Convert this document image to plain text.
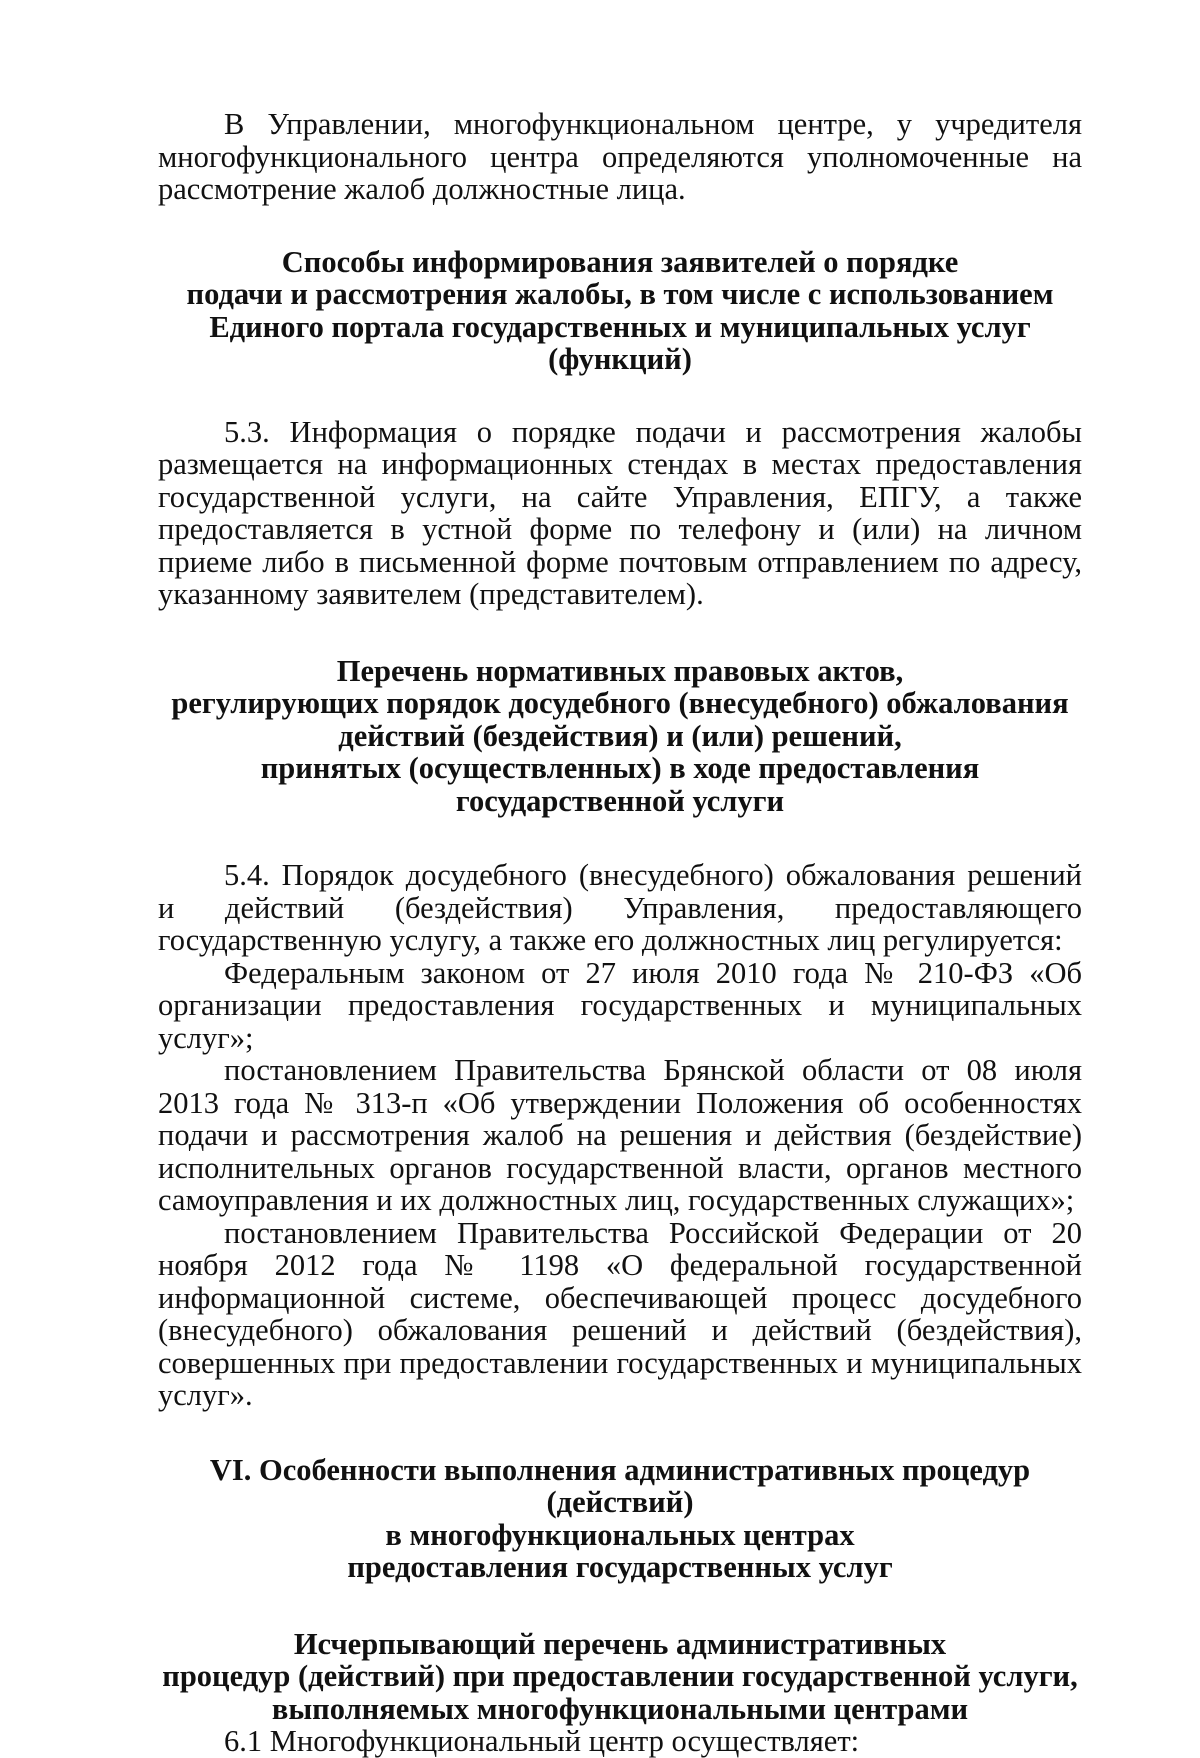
В Управлении, многофункциональном центре, у учредителя многофункционального центра определяются уполномоченные на рассмотрение жалоб должностные лица.

Способы информирования заявителей о порядке

подачи и рассмотрения жалобы, в том числе с использованием

Единого портала государственных и муниципальных услуг (функций)

5.3. Информация о порядке подачи и рассмотрения жалобы размещается на информационных стендах в местах предоставления государственной услуги, на сайте Управления, ЕПГУ, а также предоставляется в устной форме по телефону и (или) на личном приеме либо в письменной форме почтовым отправлением по адресу, указанному заявителем (представителем).

Перечень нормативных правовых актов,

регулирующих порядок досудебного (внесудебного) обжалования

действий (бездействия) и (или) решений,

принятых (осуществленных) в ходе предоставления

государственной услуги

5.4. Порядок досудебного (внесудебного) обжалования решений и действий (бездействия) Управления, предоставляющего государственную услугу, а также его должностных лиц регулируется:

Федеральным законом от 27 июля 2010 года № 210-ФЗ «Об организации предоставления государственных и муниципальных услуг»;

постановлением Правительства Брянской области от 08 июля 2013 года № 313-п «Об утверждении Положения об особенностях подачи и рассмотрения жалоб на решения и действия (бездействие) исполнительных органов государственной власти, органов местного самоуправления и их должностных лиц, государственных служащих»;

постановлением Правительства Российской Федерации от 20 ноября 2012 года № 1198 «О федеральной государственной информационной системе, обеспечивающей процесс досудебного (внесудебного) обжалования решений и действий (бездействия), совершенных при предоставлении государственных и муниципальных услуг».

VI. Особенности выполнения административных процедур (действий)

в многофункциональных центрах

предоставления государственных услуг

Исчерпывающий перечень административных

процедур (действий) при предоставлении государственной услуги,

выполняемых многофункциональными центрами

6.1 Многофункциональный центр осуществляет:
